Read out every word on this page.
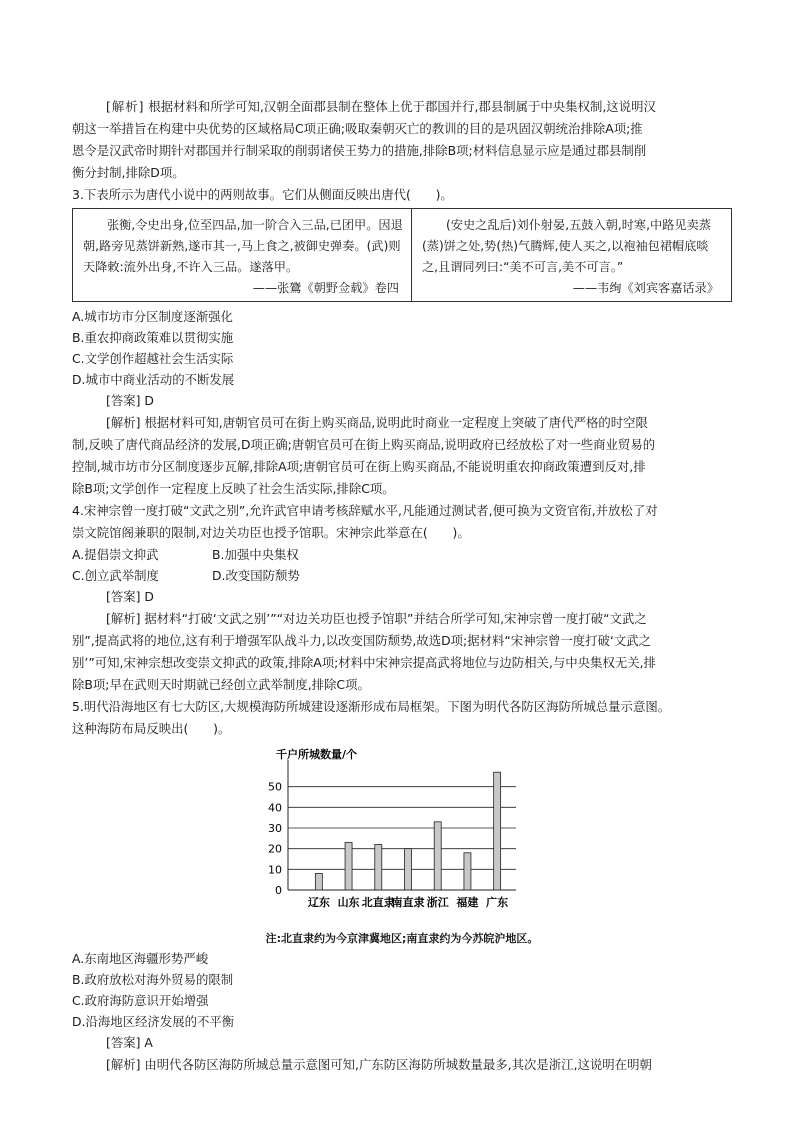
[解析] 根据材料和所学可知,汉朝全面郡县制在整体上优于郡国并行,郡县制属于中央集权制,这说明汉

朝这一举措旨在构建中央优势的区域格局C项正确;吸取秦朝灭亡的教训的目的是巩固汉朝统治排除A项;推

恩令是汉武帝时期针对郡国并行制采取的削弱诸侯王势力的措施,排除B项;材料信息显示应是通过郡县制削

衡分封制,排除D项。

3.下表所示为唐代小说中的两则故事。它们从侧面反映出唐代(　　)。

张衡,令史出身,位至四品,加一阶合入三品,已团甲。因退朝,路旁见蒸饼新熟,遂市其一,马上食之,被御史弹奏。(武)则天降敕:流外出身,不许入三品。遂落甲。
——张鷟《朝野佥载》卷四

(安史之乱后)刘仆射晏,五鼓入朝,时寒,中路见卖蒸(蒸)饼之处,势(热)气腾辉,使人买之,以袍袖包裙帽底啖之,且谓同列曰:“美不可言,美不可言。”
——韦绚《刘宾客嘉话录》

A.城市坊市分区制度逐渐强化

B.重农抑商政策难以贯彻实施

C.文学创作超越社会生活实际

D.城市中商业活动的不断发展

[答案] D

[解析] 根据材料可知,唐朝官员可在街上购买商品,说明此时商业一定程度上突破了唐代严格的时空限

制,反映了唐代商品经济的发展,D项正确;唐朝官员可在街上购买商品,说明政府已经放松了对一些商业贸易的

控制,城市坊市分区制度逐步瓦解,排除A项;唐朝官员可在街上购买商品,不能说明重农抑商政策遭到反对,排

除B项;文学创作一定程度上反映了社会生活实际,排除C项。

4.宋神宗曾一度打破“文武之别”,允许武官申请考核辞赋水平,凡能通过测试者,便可换为文资官衔,并放松了对

崇文院馆阁兼职的限制,对边关功臣也授予馆职。宋神宗此举意在(　　)。

A.提倡崇文抑武	B.加强中央集权
C.创立武举制度	D.改变国防颓势

[答案] D

[解析] 据材料“打破‘文武之别’”“对边关功臣也授予馆职”并结合所学可知,宋神宗曾一度打破“文武之

别”,提高武将的地位,这有利于增强军队战斗力,以改变国防颓势,故选D项;据材料“宋神宗曾一度打破‘文武之

别’”可知,宋神宗想改变崇文抑武的政策,排除A项;材料中宋神宗提高武将地位与边防相关,与中央集权无关,排

除B项;早在武则天时期就已经创立武举制度,排除C项。

5.明代沿海地区有七大防区,大规模海防所城建设逐渐形成布局框架。下图为明代各防区海防所城总量示意图。

这种海防布局反映出(　　)。

千户所城数量/个
0
10
20
30
40
50
辽东 山东 北直隶
南直隶 浙江 福建 广东

注:北直隶约为今京津冀地区;南直隶约为今苏皖沪地区。

A.东南地区海疆形势严峻

B.政府放松对海外贸易的限制

C.政府海防意识开始增强

D.沿海地区经济发展的不平衡

[答案] A

[解析] 由明代各防区海防所城总量示意图可知,广东防区海防所城数量最多,其次是浙江,这说明在明朝
